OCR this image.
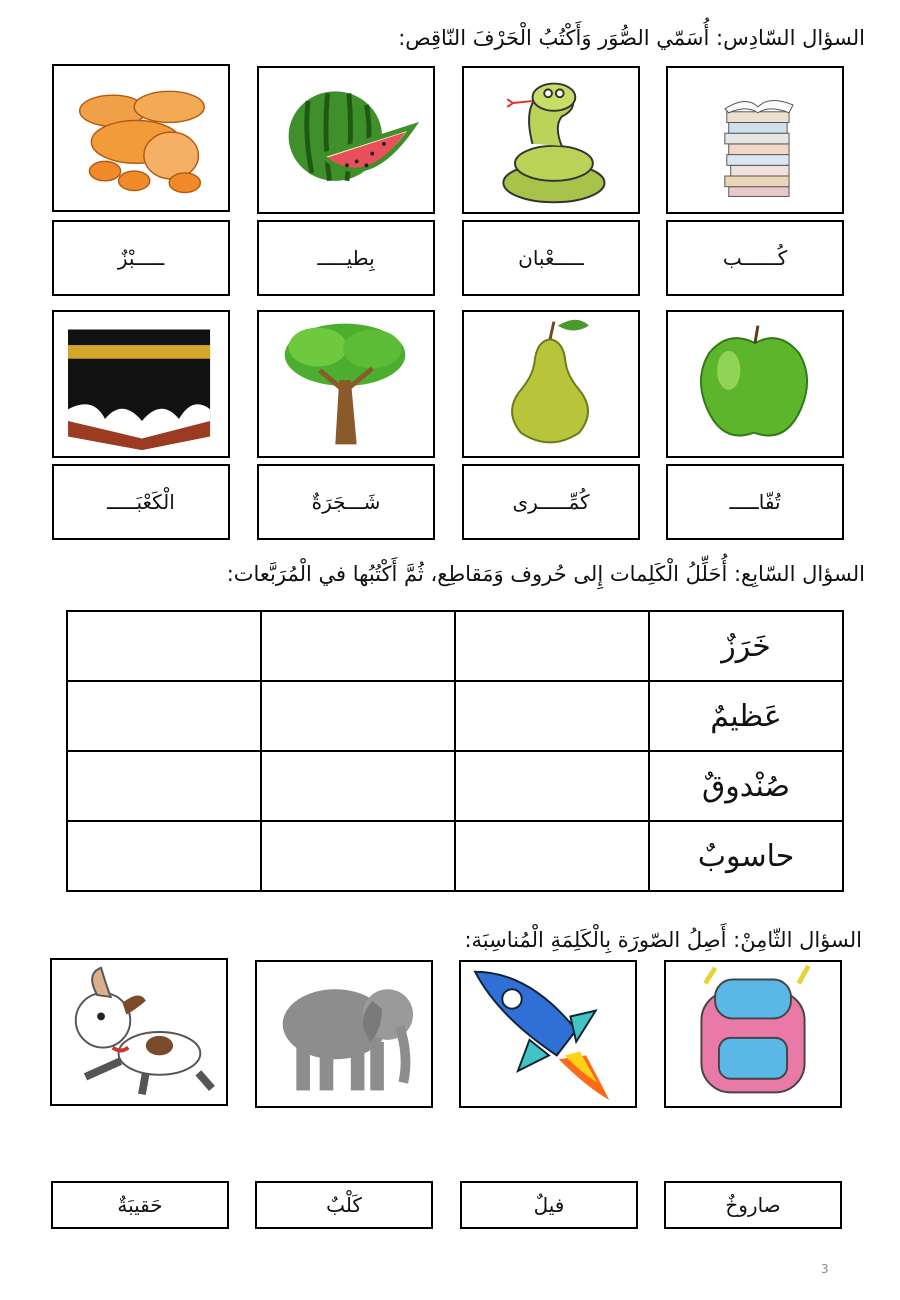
السؤال السّادِس: أُسَمّي الصُّوَر وَأَكْتُبُ الْحَرْفَ النّاقِص:
كُــــــب
ـــــعْبان
بِطيـــــ
ـــــبْزٌ
تُفّاـــــ
كُمِّـــــرى
شَـــجَرَةٌ
الْكَعْبَـــــ
السؤال السّابِع: أُحَلِّلُ الْكَلِمات إِلى حُروف وَمَقاطِع، ثُمَّ أَكْتُبُها في الْمُرَبَّعات:
			خَرَزٌ
			عَظيمٌ
			صُنْدوقٌ
			حاسوبٌ
السؤال الثّامِنْ: أَصِلُ الصّورَة بِالْكَلِمَةِ الْمُناسِبَة:
صاروخٌ
فيلٌ
كَلْبٌ
حَقيبَةٌ
3
